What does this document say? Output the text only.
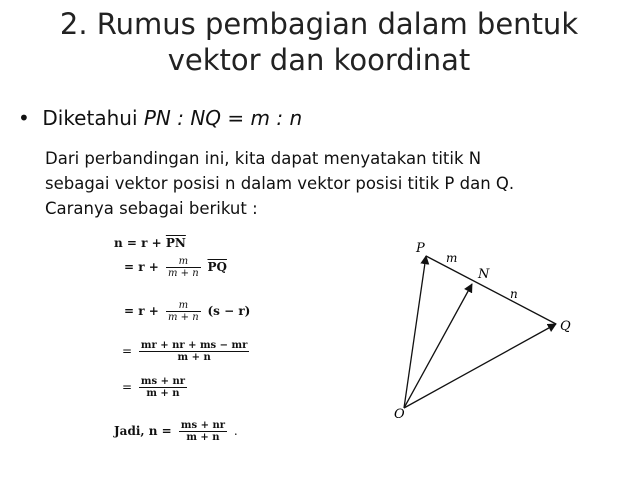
2. Rumus pembagian dalam bentuk
vektor dan koordinat
• Diketahui PN : NQ = m : n

Dari perbandingan ini, kita dapat menyatakan titik N

sebagai vektor posisi n dalam vektor posisi titik P dan Q.

Caranya sebagai berikut :

$n = r + \overline{PN}$
= $r + \frac{m}{m + n} \overline{PQ}$
= $r + \frac{m}{m + n} (s - r)$
= $\frac{mr + nr + ms - mr}{m + n}$
= $\frac{ms + nr}{m + n}$
Jadi, $n = \frac{ms + nr}{m + n}$ .
P
Q
N
O
m
n
